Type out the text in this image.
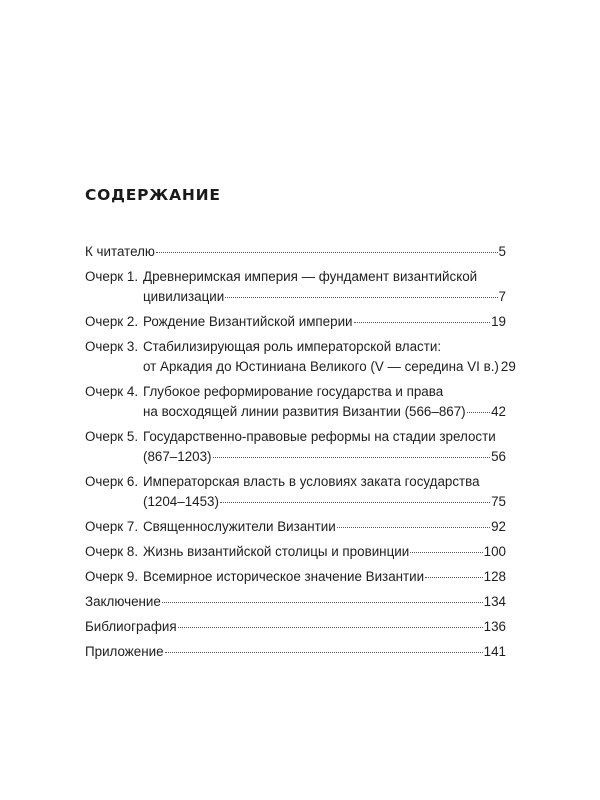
СОДЕРЖАНИЕ
К читателю	5
Очерк 1. Древнеримская империя — фундамент византийской
цивилизации	7
Очерк 2. Рождение Византийской империи	19
Очерк 3. Стабилизирующая роль императорской власти:
от Аркадия до Юстиниана Великого (V — середина VI в.) 29
Очерк 4. Глубокое реформирование государства и права
на восходящей линии развития Византии (566–867) 42
Очерк 5. Государственно-правовые реформы на стадии зрелости
(867–1203)	56
Очерк 6. Императорская власть в условиях заката государства
(1204–1453)	75
Очерк 7. Священнослужители Византии	92
Очерк 8. Жизнь византийской столицы и провинции	100
Очерк 9. Всемирное историческое значение Византии	128
Заключение	134
Библиография	136
Приложение	141
